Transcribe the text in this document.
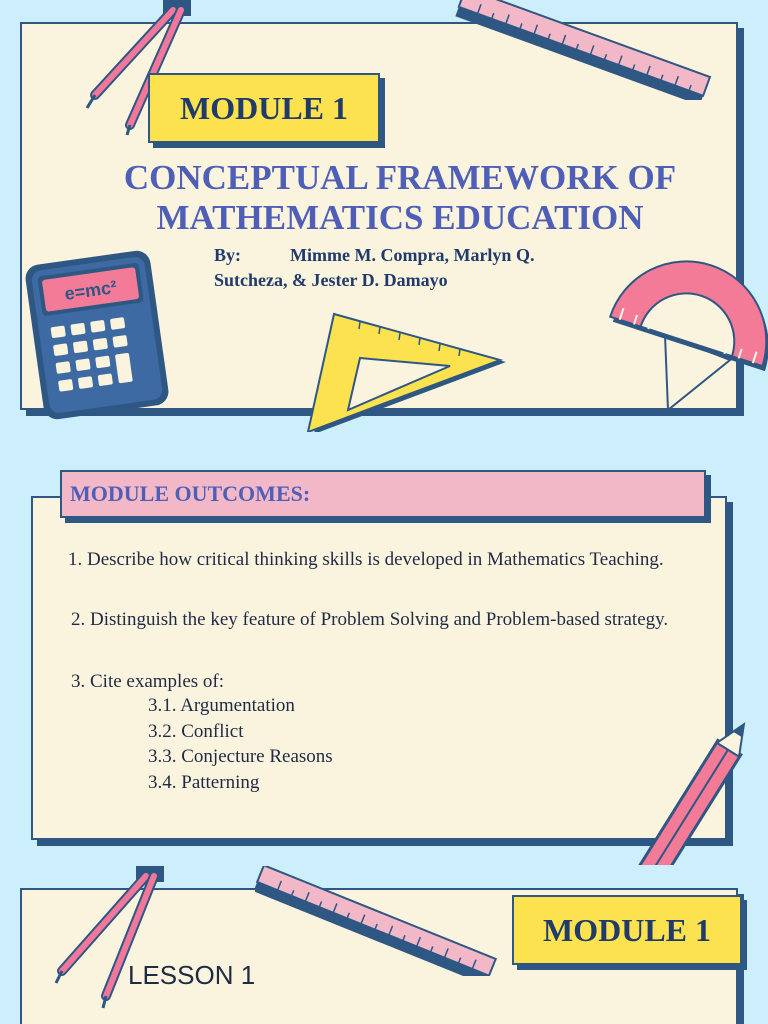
MODULE 1
CONCEPTUAL FRAMEWORK OF
MATHEMATICS EDUCATION
By:	Mimme M. Compra, Marlyn Q.
Sutcheza, & Jester D. Damayo
e=mc²
MODULE OUTCOMES:

1. Describe how critical thinking skills is developed in Mathematics Teaching.

2. Distinguish the key feature of Problem Solving and Problem-based strategy.

3. Cite examples of:

3.1. Argumentation
3.2. Conflict
3.3. Conjecture Reasons
3.4. Patterning
MODULE 1
LESSON 1
